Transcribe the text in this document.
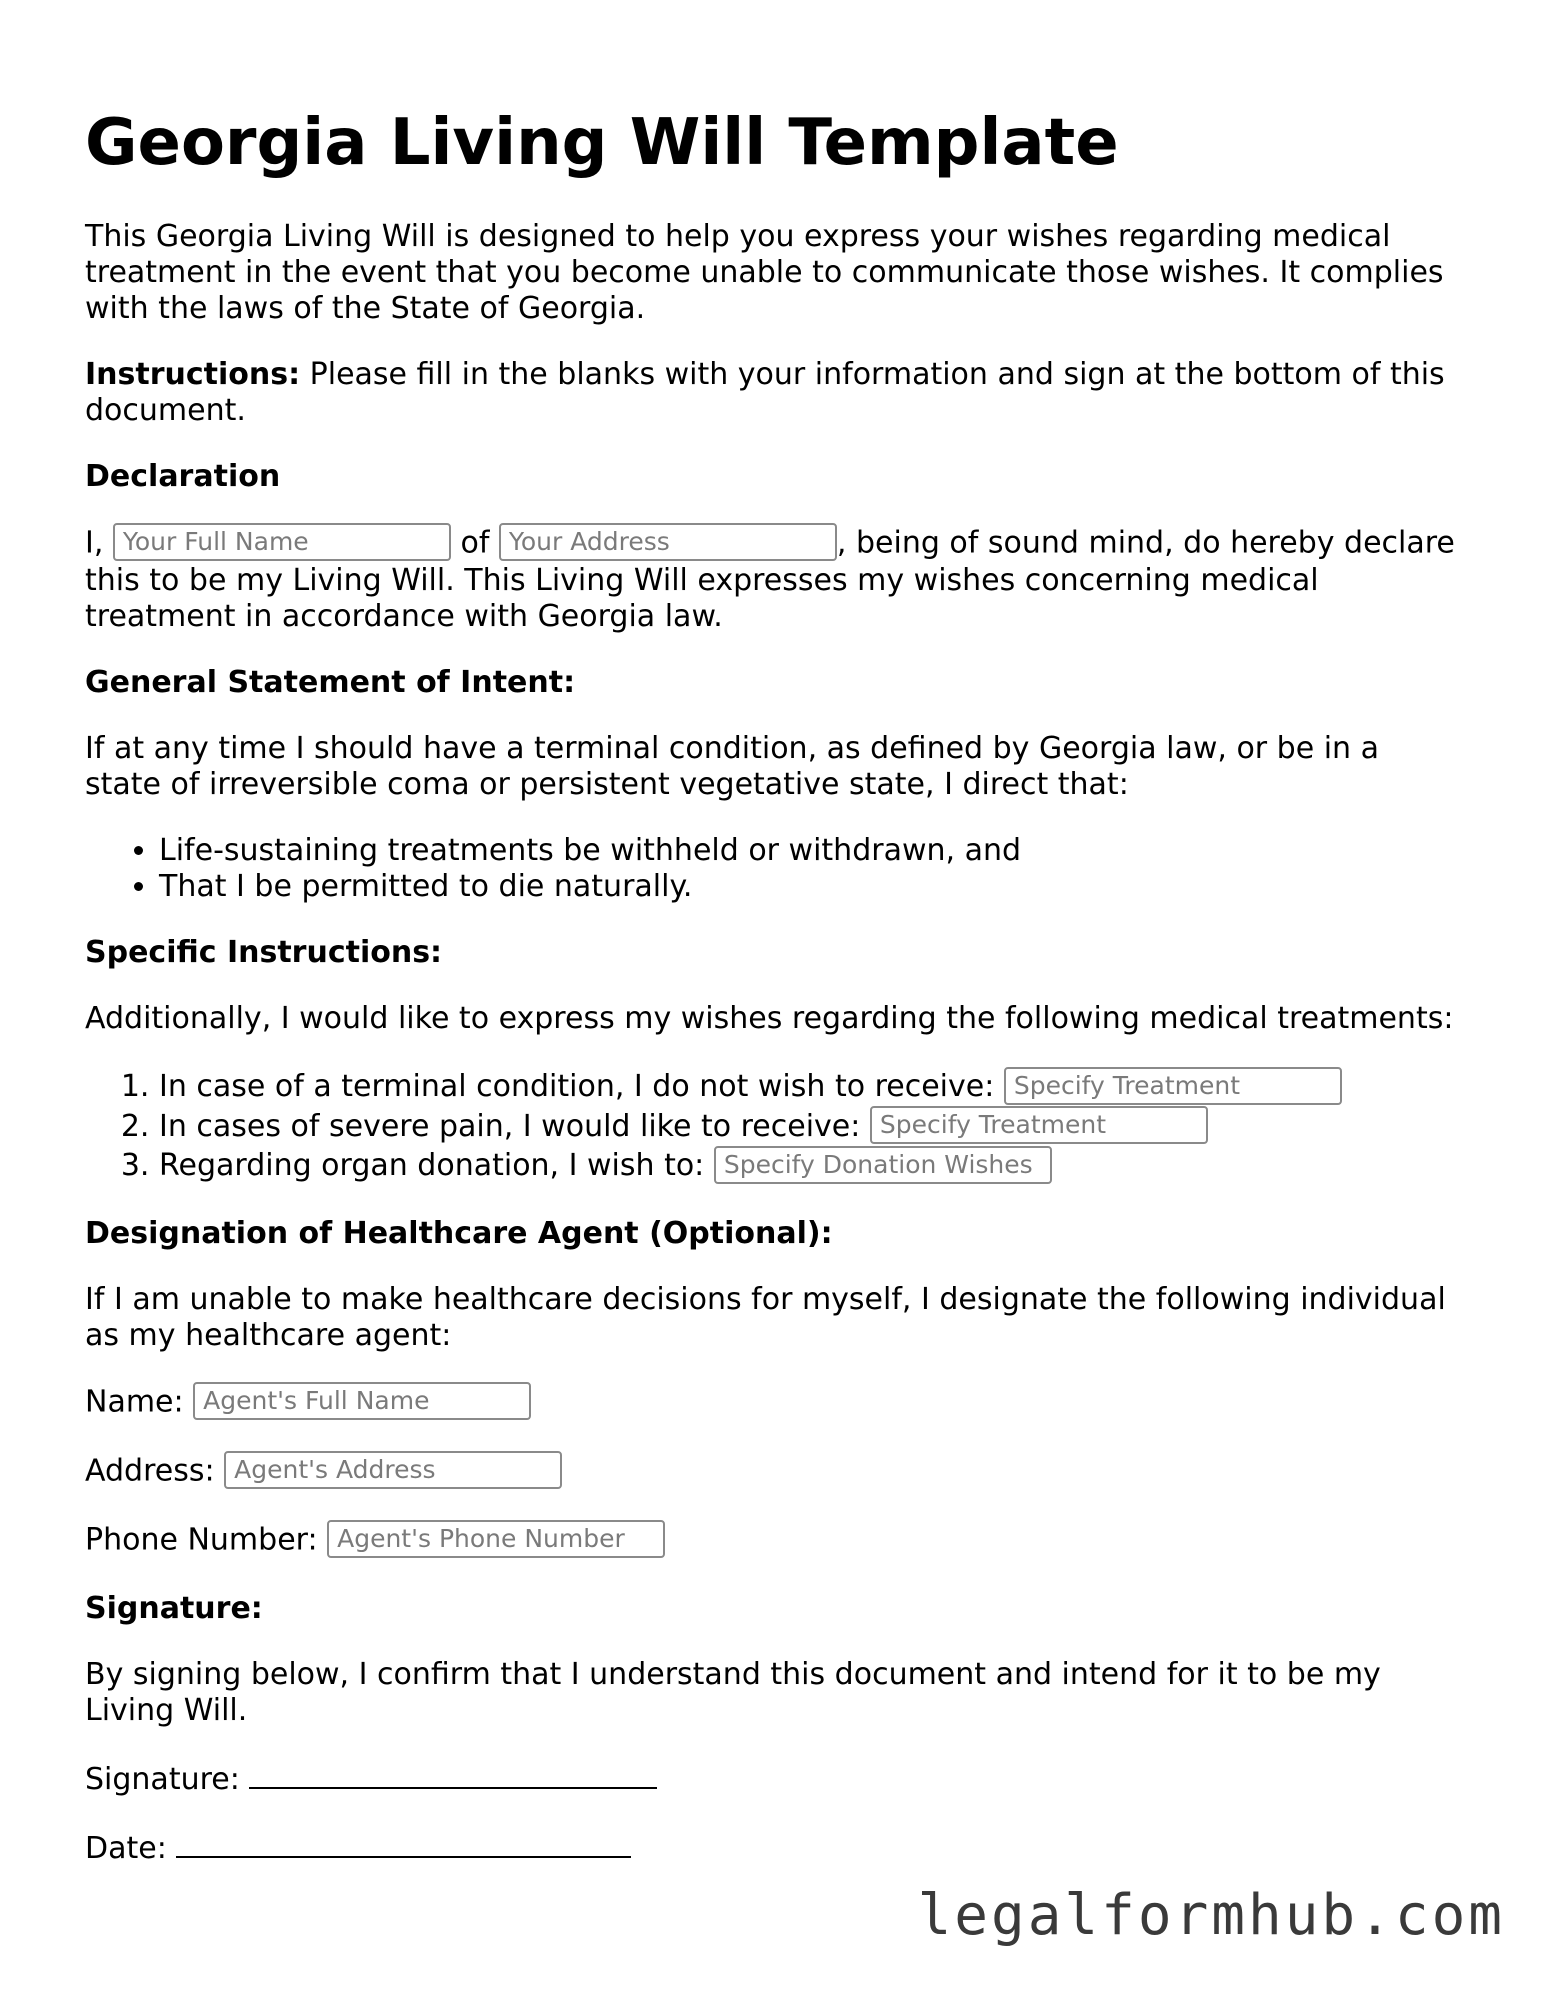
Georgia Living Will Template

This Georgia Living Will is designed to help you express your wishes regarding medical treatment in the event that you become unable to communicate those wishes. It complies with the laws of the State of Georgia.

Instructions: Please fill in the blanks with your information and sign at the bottom of this document.

Declaration

I, Your Full Name	of Your Address	, being of sound mind, do hereby declare this to be my Living Will. This Living Will expresses my wishes concerning medical treatment in accordance with Georgia law.

General Statement of Intent:

If at any time I should have a terminal condition, as defined by Georgia law, or be in a state of irreversible coma or persistent vegetative state, I direct that:

• Life-sustaining treatments be withheld or withdrawn, and
• That I be permitted to die naturally.
Specific Instructions:

Additionally, I would like to express my wishes regarding the following medical treatments:

1. In case of a terminal condition, I do not wish to receive: Specify Treatment
2. In cases of severe pain, I would like to receive: Specify Treatment
3. Regarding organ donation, I wish to: Specify Donation Wishes
Designation of Healthcare Agent (Optional):

If I am unable to make healthcare decisions for myself, I designate the following individual as my healthcare agent:

Name: Agent's Full Name
Address: Agent's Address
Phone Number: Agent's Phone Number
Signature:

By signing below, I confirm that I understand this document and intend for it to be my Living Will.

Signature:

Date:

legalformhub.com
